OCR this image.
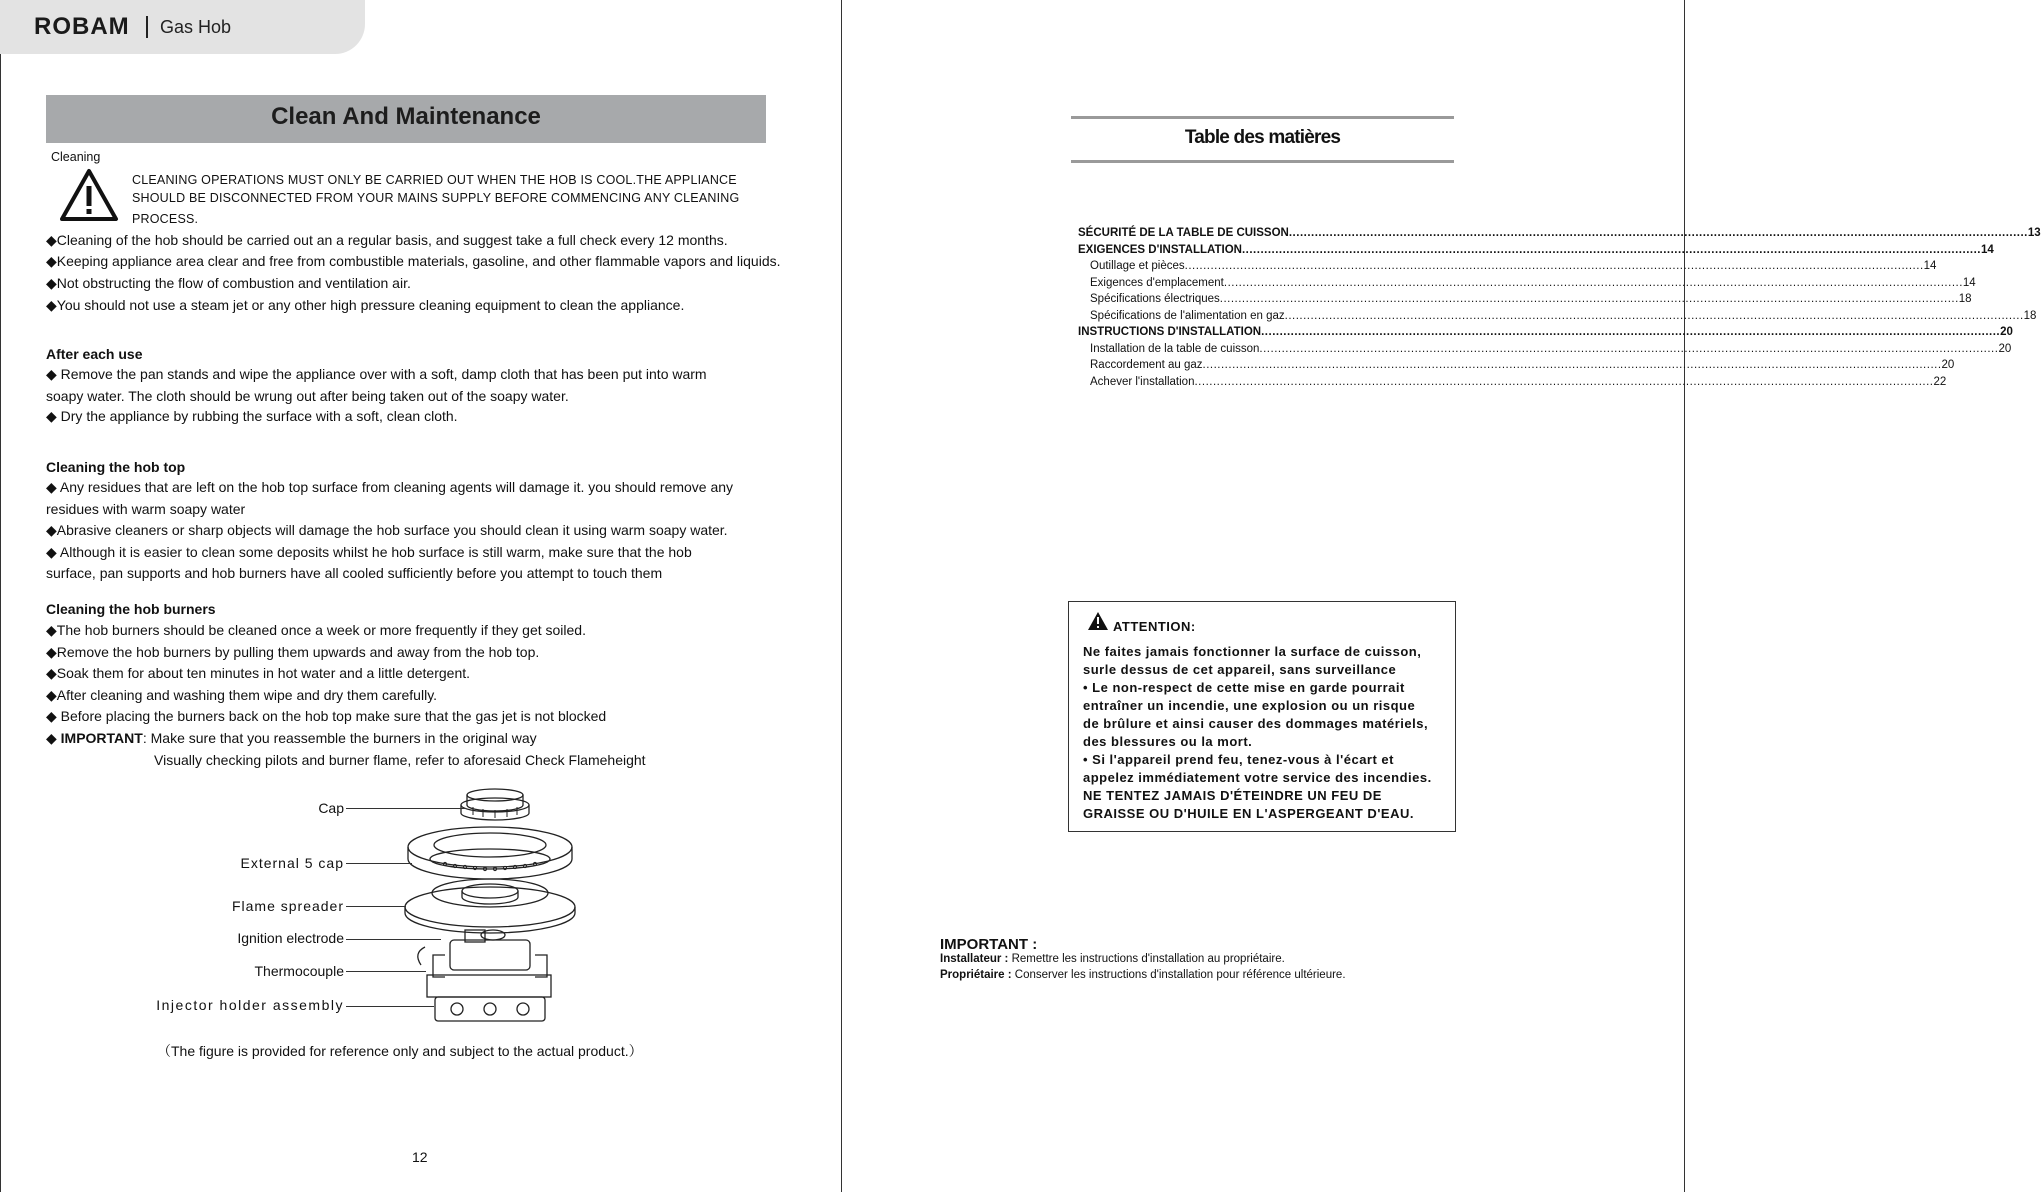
ROBAM Gas Hob
Clean And Maintenance
Cleaning
CLEANING OPERATIONS MUST ONLY BE CARRIED OUT WHEN THE HOB IS COOL.THE APPLIANCE
SHOULD BE DISCONNECTED FROM YOUR MAINS SUPPLY BEFORE COMMENCING ANY CLEANING
PROCESS.
◆Cleaning of the hob should be carried out an a regular basis, and suggest take a full check every 12 months.
◆Keeping appliance area clear and free from combustible materials, gasoline, and other flammable vapors and liquids.
◆Not obstructing the flow of combustion and ventilation air.
◆You should not use a steam jet or any other high pressure cleaning equipment to clean the appliance.
After each use
◆ Remove the pan stands and wipe the appliance over with a soft, damp cloth that has been put into warm
soapy water. The cloth should be wrung out after being taken out of the soapy water.
◆ Dry the appliance by rubbing the surface with a soft, clean cloth.
Cleaning the hob top
◆ Any residues that are left on the hob top surface from cleaning agents will damage it. you should remove any
residues with warm soapy water
◆Abrasive cleaners or sharp objects will damage the hob surface you should clean it using warm soapy water.
◆ Although it is easier to clean some deposits whilst he hob surface is still warm, make sure that the hob
surface, pan supports and hob burners have all cooled sufficiently before you attempt to touch them
Cleaning the hob burners
◆The hob burners should be cleaned once a week or more frequently if they get soiled.
◆Remove the hob burners by pulling them upwards and away from the hob top.
◆Soak them for about ten minutes in hot water and a little detergent.
◆After cleaning and washing them wipe and dry them carefully.
◆ Before placing the burners back on the hob top make sure that the gas jet is not blocked
◆ IMPORTANT: Make sure that you reassemble the burners in the original way
Visually checking pilots and burner flame, refer to aforesaid Check Flameheight
Cap
External 5 cap
Flame spreader
Ignition electrode
Thermocouple
Injector holder assembly
（The figure is provided for reference only and subject to the actual product.）
12
Table des matières
SÉCURITÉ DE LA TABLE DE CUISSON ........................................................................................................................................................................................................ 13
EXIGENCES D'INSTALLATION ........................................................................................................................................................................................................ 14
Outillage et pièces ........................................................................................................................................................................................................ 14
Exigences d'emplacement ........................................................................................................................................................................................................ 14
Spécifications électriques ........................................................................................................................................................................................................ 18
Spécifications de l'alimentation en gaz ........................................................................................................................................................................................................ 18
INSTRUCTIONS D'INSTALLATION ........................................................................................................................................................................................................ 20
Installation de la table de cuisson ........................................................................................................................................................................................................ 20
Raccordement au gaz ........................................................................................................................................................................................................ 20
Achever l'installation ........................................................................................................................................................................................................ 22
ATTENTION:
Ne faites jamais fonctionner la surface de cuisson,
surle dessus de cet appareil, sans surveillance
• Le non-respect de cette mise en garde pourrait
entraîner un incendie, une explosion ou un risque
de brûlure et ainsi causer des dommages matériels,
des blessures ou la mort.
• Si l'appareil prend feu, tenez-vous à l'écart et
appelez immédiatement votre service des incendies.
NE TENTEZ JAMAIS D'ÉTEINDRE UN FEU DE
GRAISSE OU D'HUILE EN L'ASPERGEANT D'EAU.
IMPORTANT :
Installateur : Remettre les instructions d'installation au propriétaire.
Propriétaire : Conserver les instructions d'installation pour référence ultérieure.
